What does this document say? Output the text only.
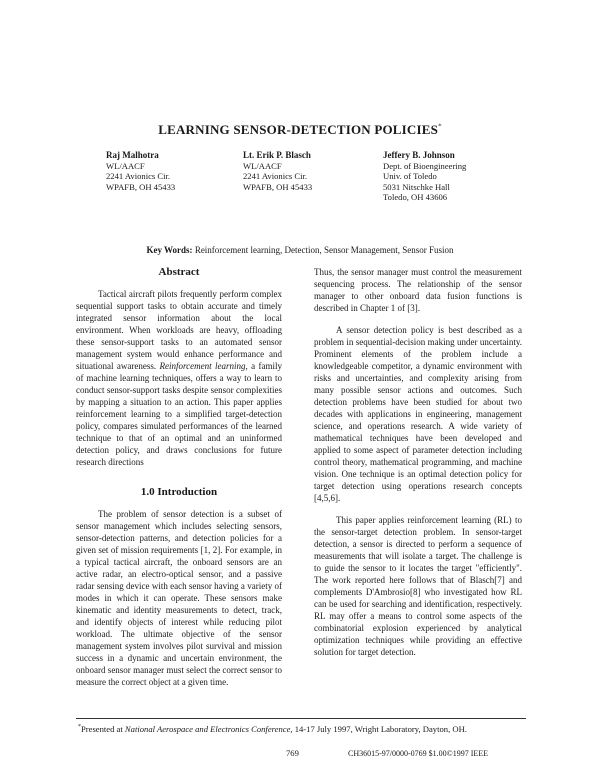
LEARNING SENSOR-DETECTION POLICIES*
Raj Malhotra
WL/AACF
2241 Avionics Cir.
WPAFB, OH 45433
Lt. Erik P. Blasch
WL/AACF
2241 Avionics Cir.
WPAFB, OH 45433
Jeffery B. Johnson
Dept. of Bioengineering
Univ. of Toledo
5031 Nitschke Hall
Toledo, OH 43606
Key Words: Reinforcement learning, Detection, Sensor Management, Sensor Fusion
Abstract

Tactical aircraft pilots frequently perform complex sequential support tasks to obtain accurate and timely integrated sensor information about the local environment. When workloads are heavy, offloading these sensor-support tasks to an automated sensor management system would enhance performance and situational awareness. Reinforcement learning, a family of machine learning techniques, offers a way to learn to conduct sensor-support tasks despite sensor complexities by mapping a situation to an action. This paper applies reinforcement learning to a simplified target-detection policy, compares simulated performances of the learned technique to that of an optimal and an uninformed detection policy, and draws conclusions for future research directions

1.0 Introduction

The problem of sensor detection is a subset of sensor management which includes selecting sensors, sensor-detection patterns, and detection policies for a given set of mission requirements [1, 2]. For example, in a typical tactical aircraft, the onboard sensors are an active radar, an electro-optical sensor, and a passive radar sensing device with each sensor having a variety of modes in which it can operate. These sensors make kinematic and identity measurements to detect, track, and identify objects of interest while reducing pilot workload. The ultimate objective of the sensor management system involves pilot survival and mission success in a dynamic and uncertain environment, the onboard sensor manager must select the correct sensor to measure the correct object at a given time.

Thus, the sensor manager must control the measurement sequencing process. The relationship of the sensor manager to other onboard data fusion functions is described in Chapter 1 of [3].

A sensor detection policy is best described as a problem in sequential-decision making under uncertainty. Prominent elements of the problem include a knowledgeable competitor, a dynamic environment with risks and uncertainties, and complexity arising from many possible sensor actions and outcomes. Such detection problems have been studied for about two decades with applications in engineering, management science, and operations research. A wide variety of mathematical techniques have been developed and applied to some aspect of parameter detection including control theory, mathematical programming, and machine vision. One technique is an optimal detection policy for target detection using operations research concepts [4,5,6].

This paper applies reinforcement learning (RL) to the sensor-target detection problem. In sensor-target detection, a sensor is directed to perform a sequence of measurements that will isolate a target. The challenge is to guide the sensor to it locates the target "efficiently". The work reported here follows that of Blasch[7] and complements D'Ambrosio[8] who investigated how RL can be used for searching and identification, respectively. RL may offer a means to control some aspects of the combinatorial explosion experienced by analytical optimization techniques while providing an effective solution for target detection.

*Presented at National Aerospace and Electronics Conference, 14-17 July 1997, Wright Laboratory, Dayton, OH.
769	CH36015-97/0000-0769 $1.00©1997 IEEE
